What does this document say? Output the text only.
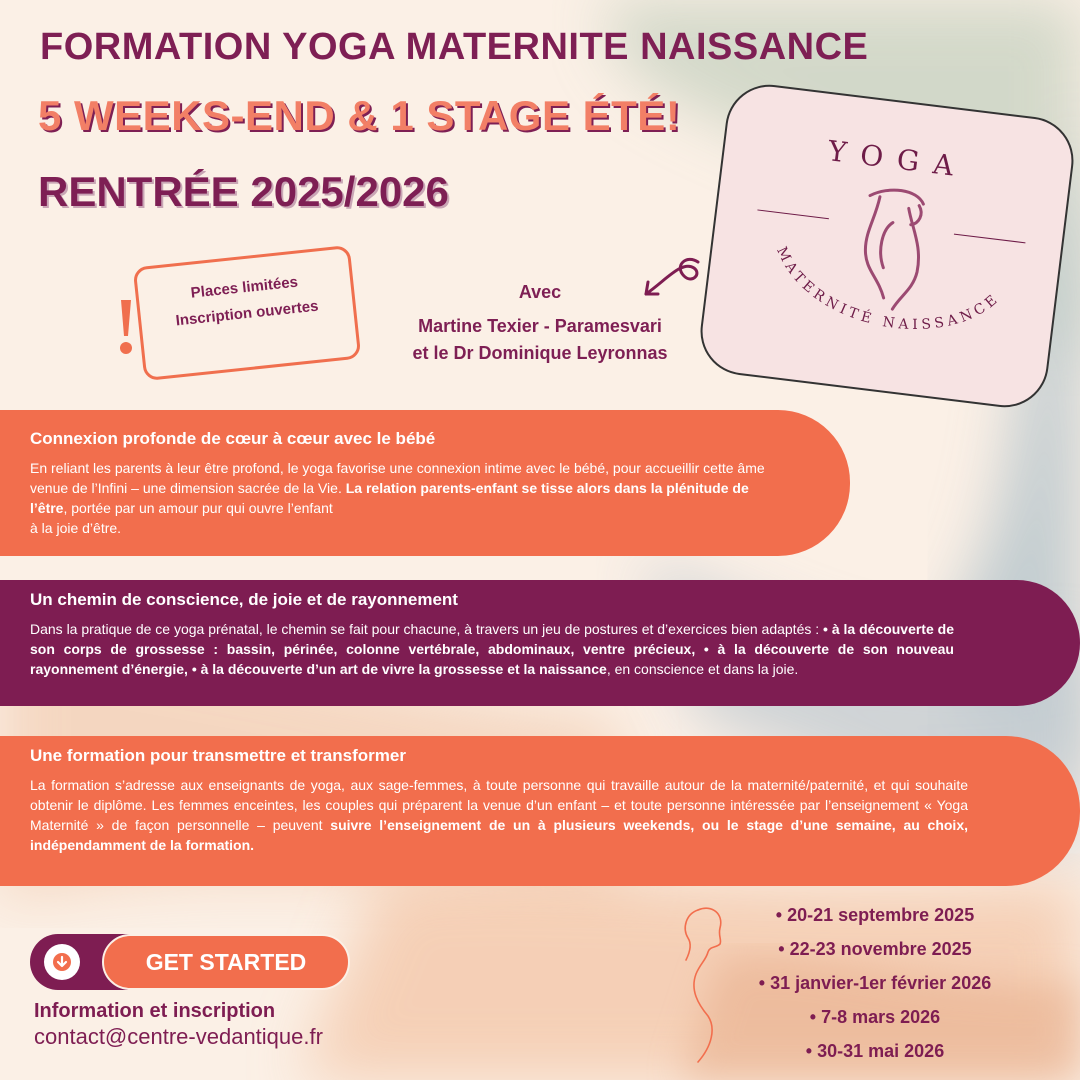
FORMATION YOGA MATERNITE NAISSANCE
5 WEEKS-END & 1 STAGE ÉTÉ!
RENTRÉE 2025/2026
Places limitées
Inscription ouvertes
Avec
Martine Texier - Paramesvari
et le Dr Dominique Leyronnas
YOGA
MATERNITÉ NAISSANCE
Connexion profonde de cœur à cœur avec le bébé
En reliant les parents à leur être profond, le yoga favorise une connexion intime avec le bébé, pour accueillir cette âme venue de l’Infini – une dimension sacrée de la Vie. La relation parents-enfant se tisse alors dans la plénitude de l’être, portée par un amour pur qui ouvre l’enfant
à la joie d’être.
Un chemin de conscience, de joie et de rayonnement
Dans la pratique de ce yoga prénatal, le chemin se fait pour chacune, à travers un jeu de postures et d’exercices bien adaptés : • à la découverte de son corps de grossesse : bassin, périnée, colonne vertébrale, abdominaux, ventre précieux, • à la découverte de son nouveau rayonnement d’énergie, • à la découverte d’un art de vivre la grossesse et la naissance, en conscience et dans la joie.
Une formation pour transmettre et transformer
La formation s’adresse aux enseignants de yoga, aux sage-femmes, à toute personne qui travaille autour de la maternité/paternité, et qui souhaite obtenir le diplôme. Les femmes enceintes, les couples qui préparent la venue d’un enfant – et toute personne intéressée par l’enseignement « Yoga Maternité » de façon personnelle – peuvent suivre l’enseignement de un à plusieurs weekends, ou le stage d’une semaine, au choix, indépendamment de la formation.
GET STARTED
Information et inscription
contact@centre-vedantique.fr
• 20-21 septembre 2025
• 22-23 novembre 2025
• 31 janvier-1er février 2026
• 7-8 mars 2026
• 30-31 mai 2026
